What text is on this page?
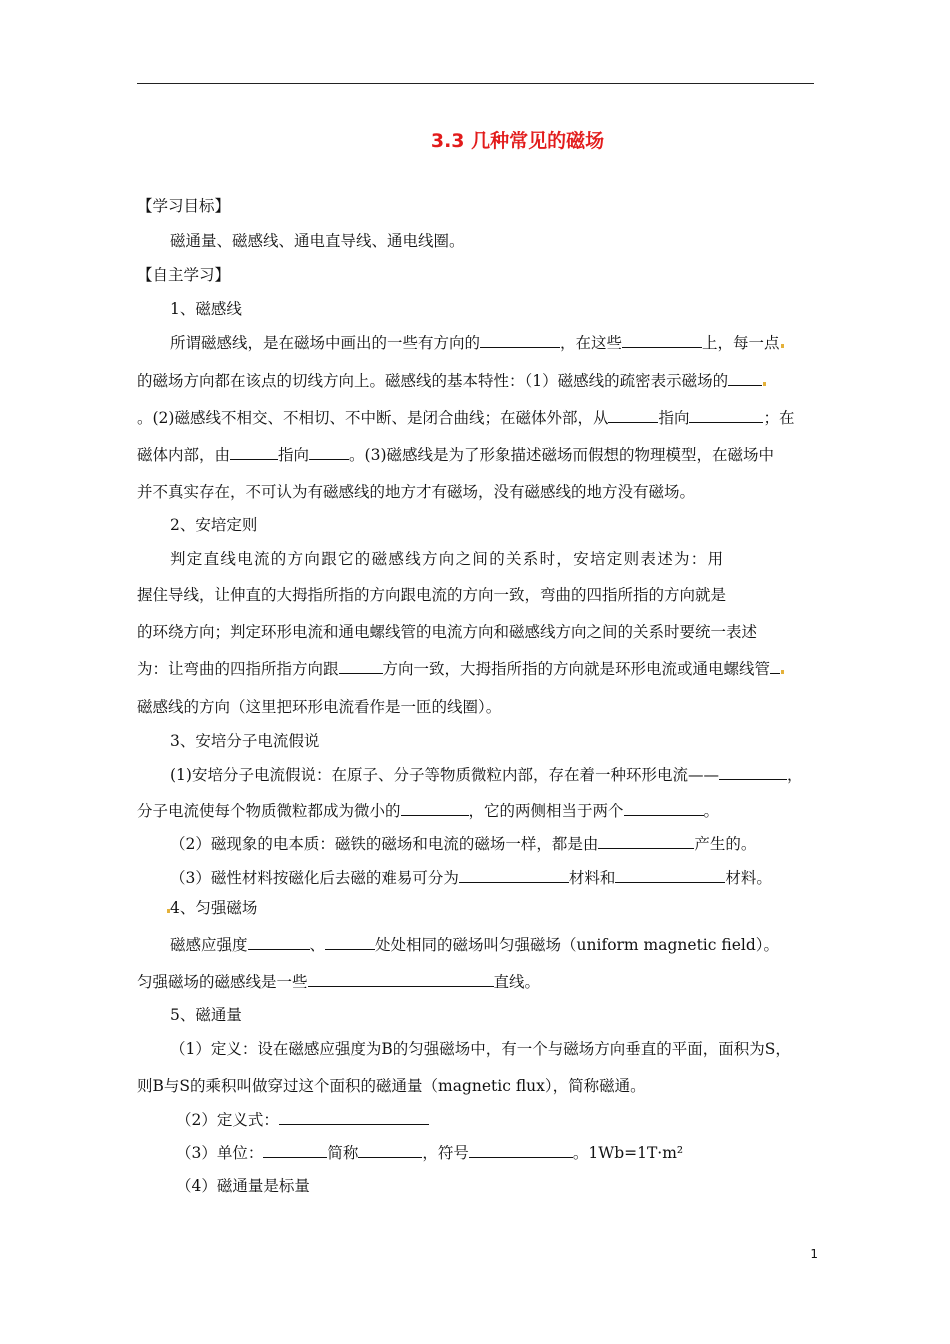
3.3 几种常见的磁场
【学习目标】
磁通量、磁感线、通电直导线、通电线圈。
【自主学习】
1、磁感线
所谓磁感线，是在磁场中画出的一些有方向的	，在这些	上，每一点
的磁场方向都在该点的切线方向上。磁感线的基本特性：（1）磁感线的疏密表示磁场的
。(2)磁感线不相交、不相切、不中断、是闭合曲线；在磁体外部，从	指向	；在
磁体内部，由	指向	。(3)磁感线是为了形象描述磁场而假想的物理模型，在磁场中
并不真实存在，不可认为有磁感线的地方才有磁场，没有磁感线的地方没有磁场。
2、安培定则
判定直线电流的方向跟它的磁感线方向之间的关系时，安培定则表述为：用
握住导线，让伸直的大拇指所指的方向跟电流的方向一致，弯曲的四指所指的方向就是
的环绕方向；判定环形电流和通电螺线管的电流方向和磁感线方向之间的关系时要统一表述
为：让弯曲的四指所指方向跟	方向一致，大拇指所指的方向就是环形电流或通电螺线管
磁感线的方向（这里把环形电流看作是一匝的线圈）。
3、安培分子电流假说
(1)安培分子电流假说：在原子、分子等物质微粒内部，存在着一种环形电流——	，
分子电流使每个物质微粒都成为微小的	，它的两侧相当于两个	。
（2）磁现象的电本质：磁铁的磁场和电流的磁场一样，都是由	产生的。
（3）磁性材料按磁化后去磁的难易可分为	材料和	材料。
4、匀强磁场
磁感应强度	、	处处相同的磁场叫匀强磁场（uniform magnetic field）。
匀强磁场的磁感线是一些	直线。
5、磁通量
（1）定义：设在磁感应强度为B的匀强磁场中，有一个与磁场方向垂直的平面，面积为S，
则B与S的乘积叫做穿过这个面积的磁通量（magnetic flux），简称磁通。
（2）定义式：
（3）单位：	简称	，符号	。1Wb=1T·m²
（4）磁通量是标量
1
